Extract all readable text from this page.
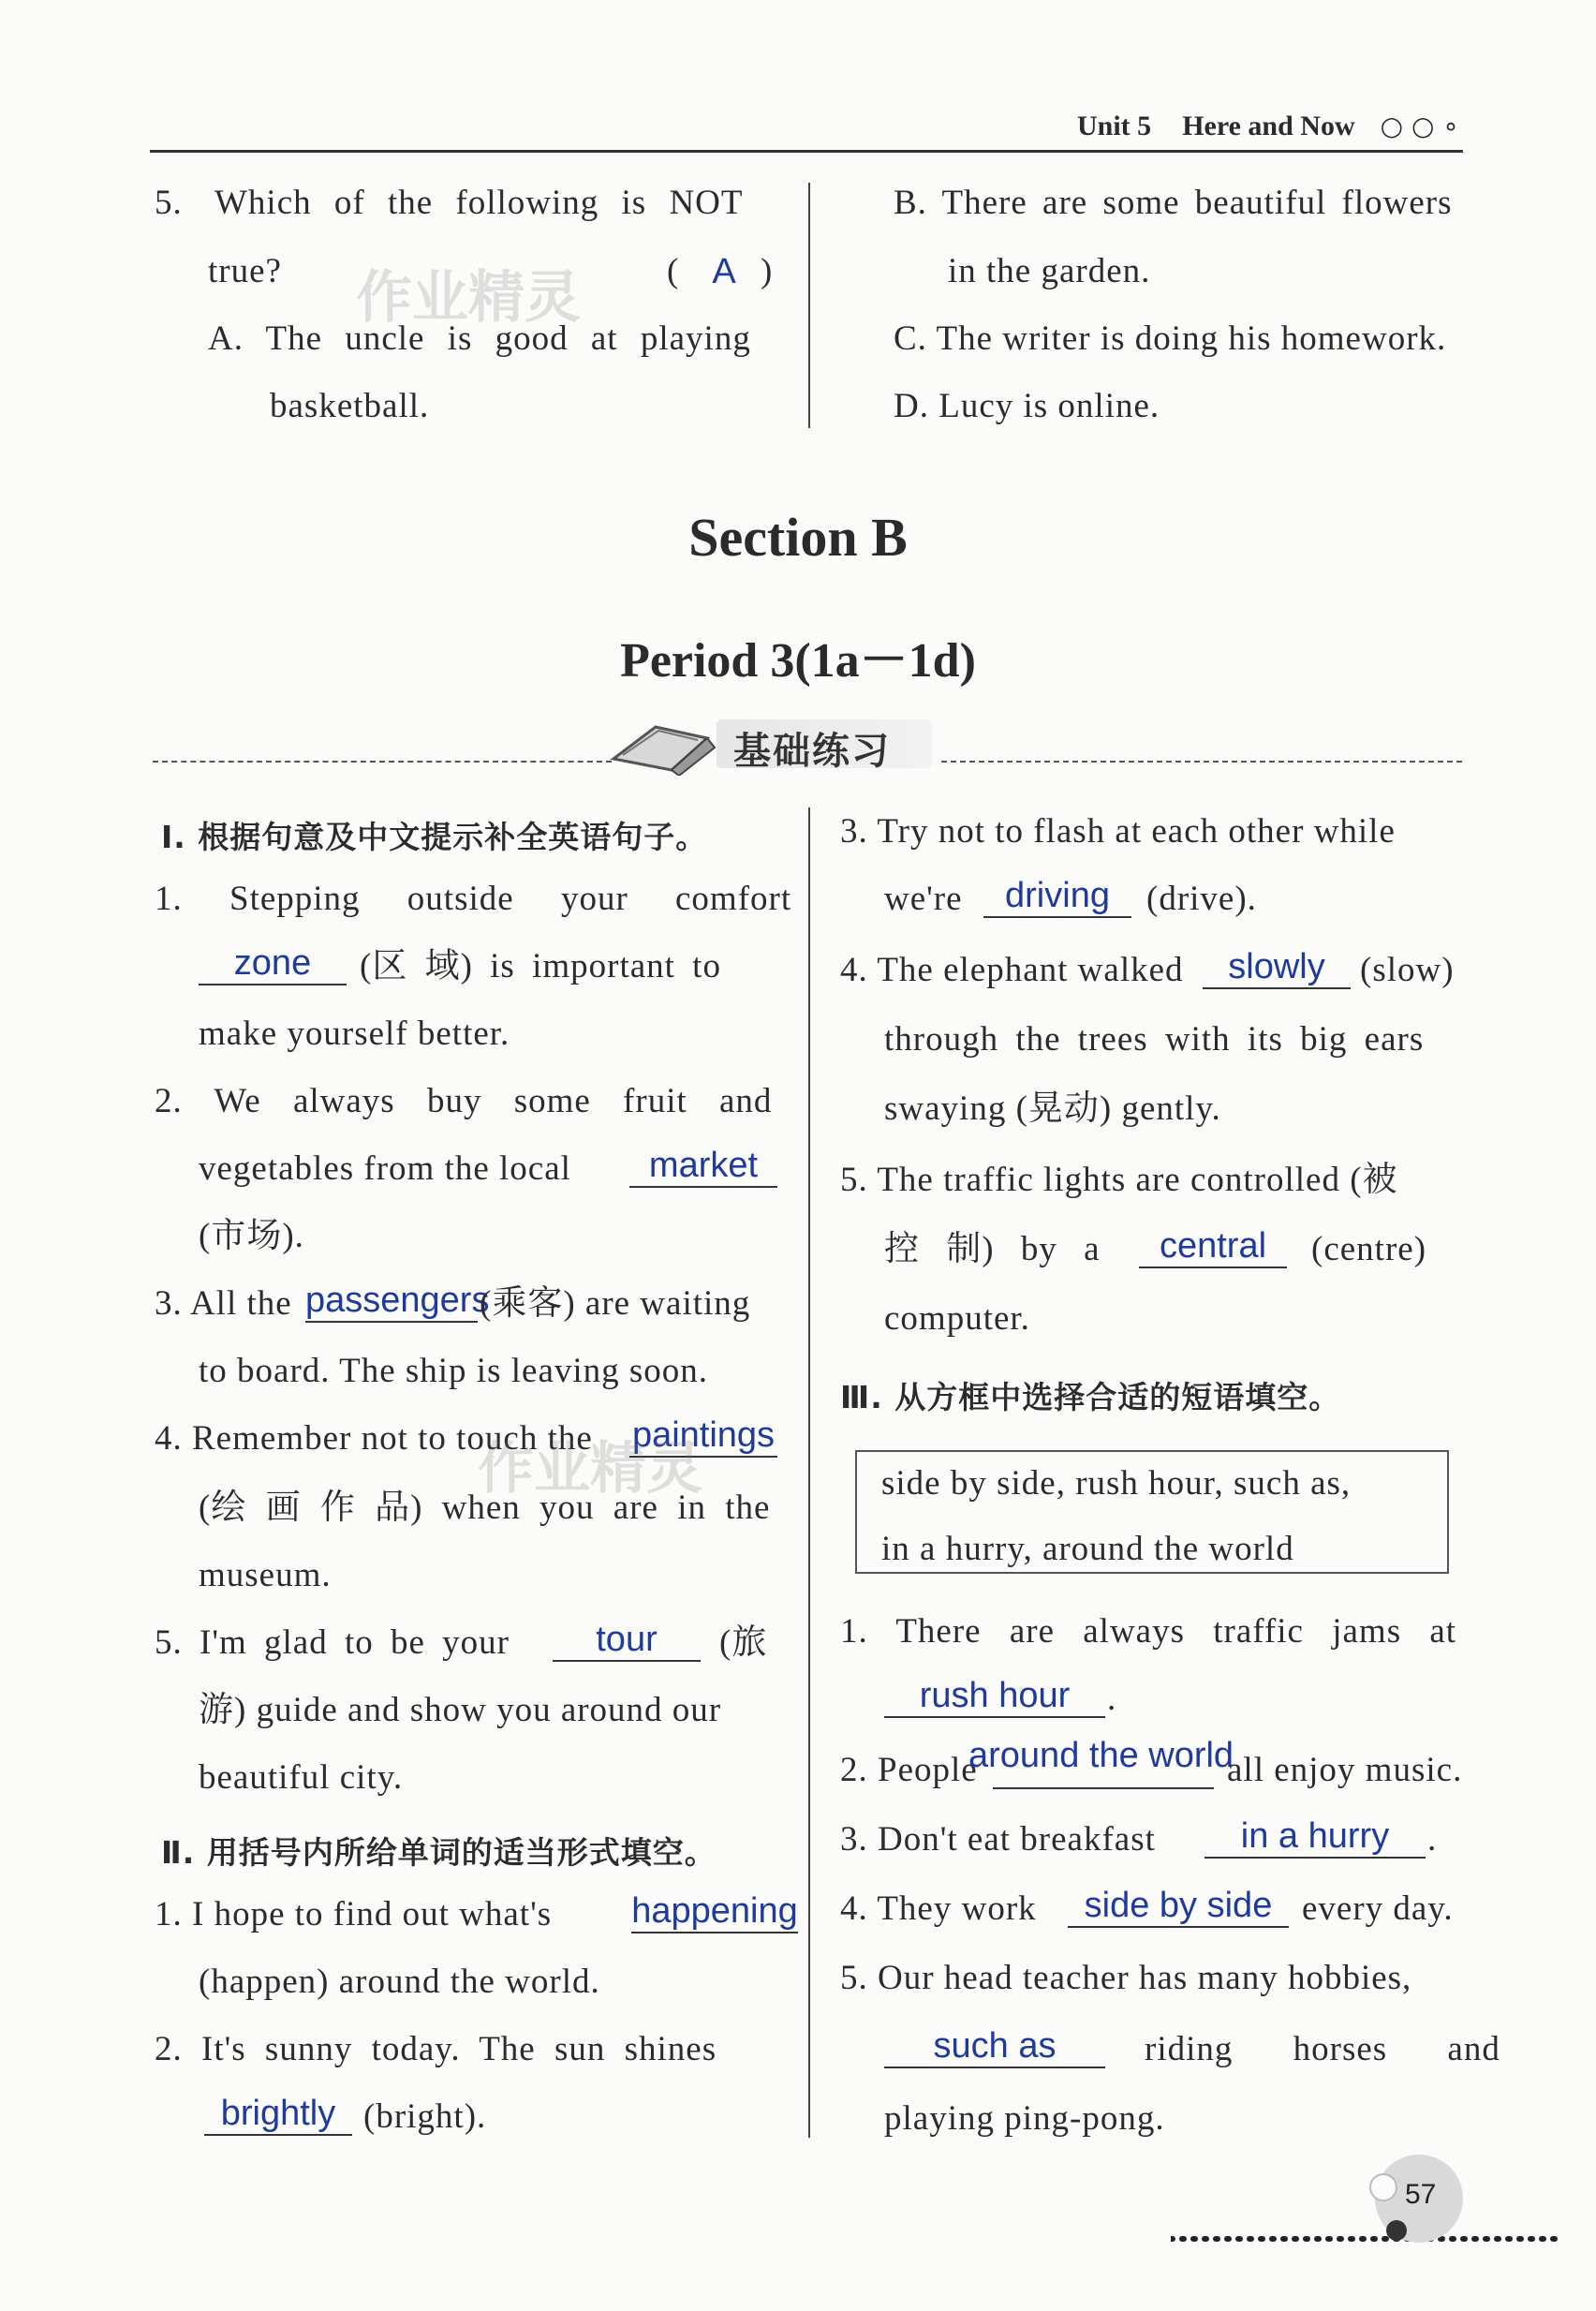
Unit 5 Here and Now ○ ○ ∘
5. Which of the following is NOT
true?	( A )
A. The uncle is good at playing
basketball.
B. There are some beautiful flowers
in the garden.
C. The writer is doing his homework.
D. Lucy is online.
Section B
Period 3(1a－1d)
基础练习
Ⅰ. 根据句意及中文提示补全英语句子。
1. Stepping outside your comfort
zone	(区 域) is important to
make yourself better.
2. We always buy some fruit and
vegetables from the local	market
(市场).
3. All the passengers
(乘客) are waiting
to board. The ship is leaving soon.
4. Remember not to touch the paintings
(绘 画 作 品) when you are in the
museum.
5. I'm glad to be your	tour	(旅
游) guide and show you around our
beautiful city.
Ⅱ. 用括号内所给单词的适当形式填空。
1. I hope to find out what's happening
(happen) around the world.
2. It's sunny today. The sun shines
brightly (bright).
3. Try not to flash at each other while
we're	driving	(drive).
4. The elephant walked	slowly	(slow)
through the trees with its big ears
swaying (晃动) gently.
5. The traffic lights are controlled (被
控 制) by a	central	(centre)
computer.
Ⅲ. 从方框中选择合适的短语填空。
side by side, rush hour, such as,
in a hurry, around the world
1. There are always traffic jams at
rush hour	.
2. People
around the world
all enjoy music.
3. Don't eat breakfast	in a hurry	.
4. They work	side by side every day.
5. Our head teacher has many hobbies,
such as	riding horses and
playing ping-pong.
作业精灵
作业精灵
57
